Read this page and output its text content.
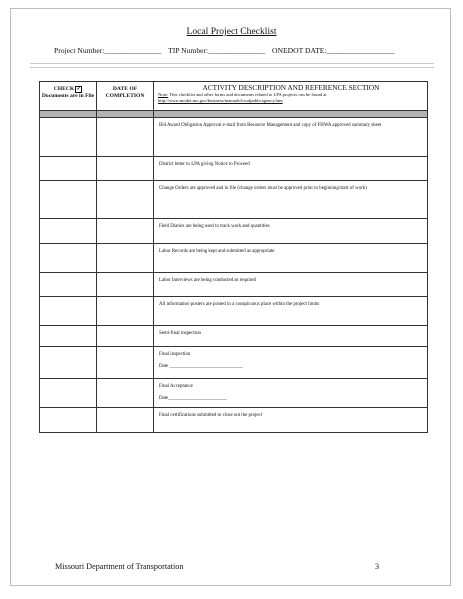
Local Project Checklist
Project Number:_______________ TIP Number:_______________ ONEDOT DATE:__________________
CHECK ✓
Documents are in File	DATE OF COMPLETION	ACTIVITY DESCRIPTION AND REFERENCE SECTION
Note: This checklist and other forms and documents related to LPA projects can be found at http://www.modot.mo.gov/business/manuals/localpublicagency.htm

		Bid Award Obligation Approval e-mail from Resource Management and copy of FHWA approved summary sheet
		District letter to LPA giving Notice to Proceed
		Change Orders are approved and in file (change orders must be approved prior to beginning/start of work)
		Field Diaries are being used to track work and quantities
		Labor Records are being kept and submitted as appropriate
		Labor Interviews are being conducted as required
		All information posters are posted in a conspicuous place within the project limits
		Semi-final inspection
		Final inspection
Date ______________________________

		Final Acceptance
Date________________________

		Final certifications submitted to close out the project
Missouri Department of Transportation	3
